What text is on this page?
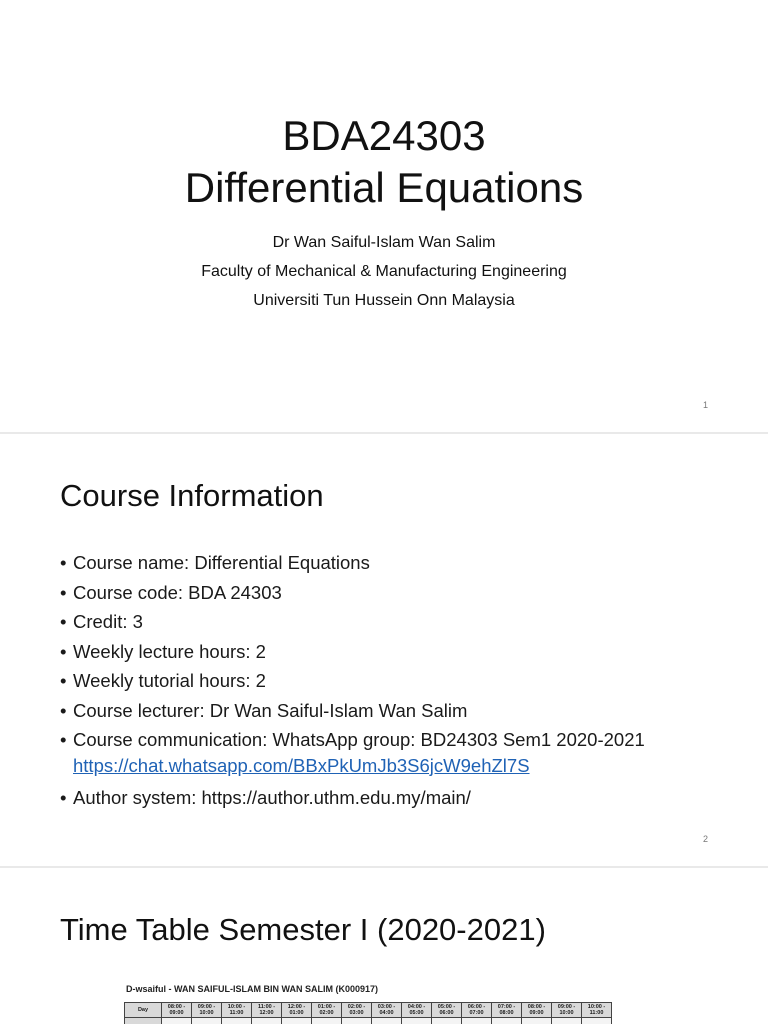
BDA24303
Differential Equations
Dr Wan Saiful-Islam Wan Salim
Faculty of Mechanical & Manufacturing Engineering
Universiti Tun Hussein Onn Malaysia
1
Course Information
• Course name: Differential Equations
• Course code: BDA 24303
• Credit: 3
• Weekly lecture hours: 2
• Weekly tutorial hours: 2
• Course lecturer: Dr Wan Saiful-Islam Wan Salim
• Course communication: WhatsApp group: BD24303 Sem1 2020-2021
https://chat.whatsapp.com/BBxPkUmJb3S6jcW9ehZl7S
• Author system: https://author.uthm.edu.my/main/
2
Time Table Semester I (2020-2021)
D-wsaiful - WAN SAIFUL-ISLAM BIN WAN SALIM (K000917)
Day	08:00 - 09:00	09:00 - 10:00	10:00 - 11:00	11:00 - 12:00	12:00 - 01:00	01:00 - 02:00	02:00 - 03:00	03:00 - 04:00	04:00 - 05:00	05:00 - 06:00	06:00 - 07:00	07:00 - 08:00	08:00 - 09:00	09:00 - 10:00	10:00 - 11:00
